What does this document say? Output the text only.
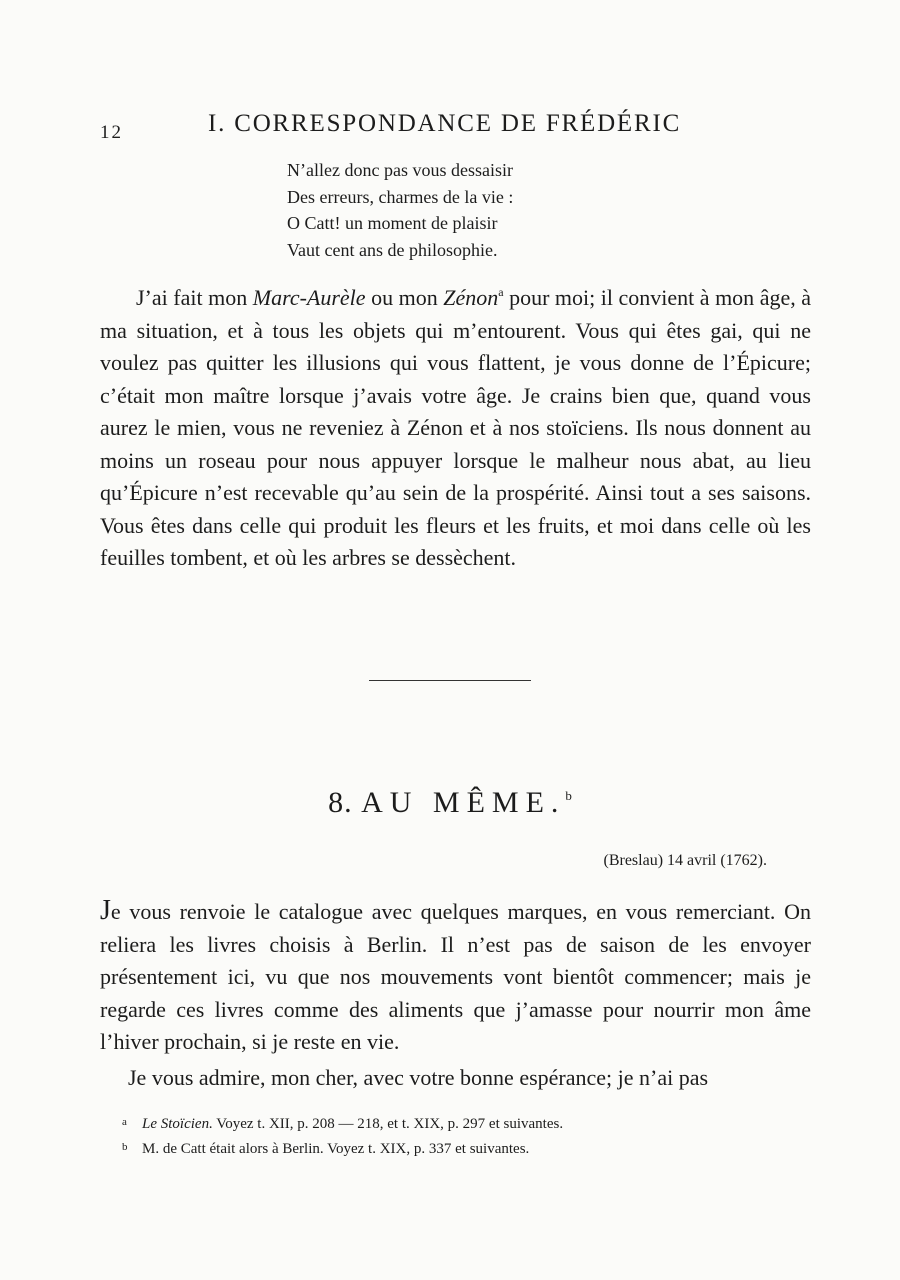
12	I. CORRESPONDANCE DE FRÉDÉRIC
N’allez donc pas vous dessaisir
Des erreurs, charmes de la vie :
O Catt! un moment de plaisir
Vaut cent ans de philosophie.

J’ai fait mon Marc-Aurèle ou mon Zénon$^a$ pour moi; il convient à mon âge, à ma situation, et à tous les objets qui m’entourent. Vous qui êtes gai, qui ne voulez pas quitter les illusions qui vous flattent, je vous donne de l’Épicure; c’était mon maître lorsque j’avais votre âge. Je crains bien que, quand vous aurez le mien, vous ne reveniez à Zénon et à nos stoïciens. Ils nous donnent au moins un roseau pour nous appuyer lorsque le malheur nous abat, au lieu qu’Épicure n’est recevable qu’au sein de la prospérité. Ainsi tout a ses saisons. Vous êtes dans celle qui produit les fleurs et les fruits, et moi dans celle où les feuilles tombent, et où les arbres se dessèchent.

8. AU MÊME.$^b$
(Breslau) 14 avril (1762).

Je vous renvoie le catalogue avec quelques marques, en vous remerciant. On reliera les livres choisis à Berlin. Il n’est pas de saison de les envoyer présentement ici, vu que nos mouvements vont bientôt commencer; mais je regarde ces livres comme des aliments que j’amasse pour nourrir mon âme l’hiver prochain, si je reste en vie.

Je vous admire, mon cher, avec votre bonne espérance; je n’ai pas

a Le Stoïcien. Voyez t. XII, p. 208 — 218, et t. XIX, p. 297 et suivantes.
b M. de Catt était alors à Berlin. Voyez t. XIX, p. 337 et suivantes.
